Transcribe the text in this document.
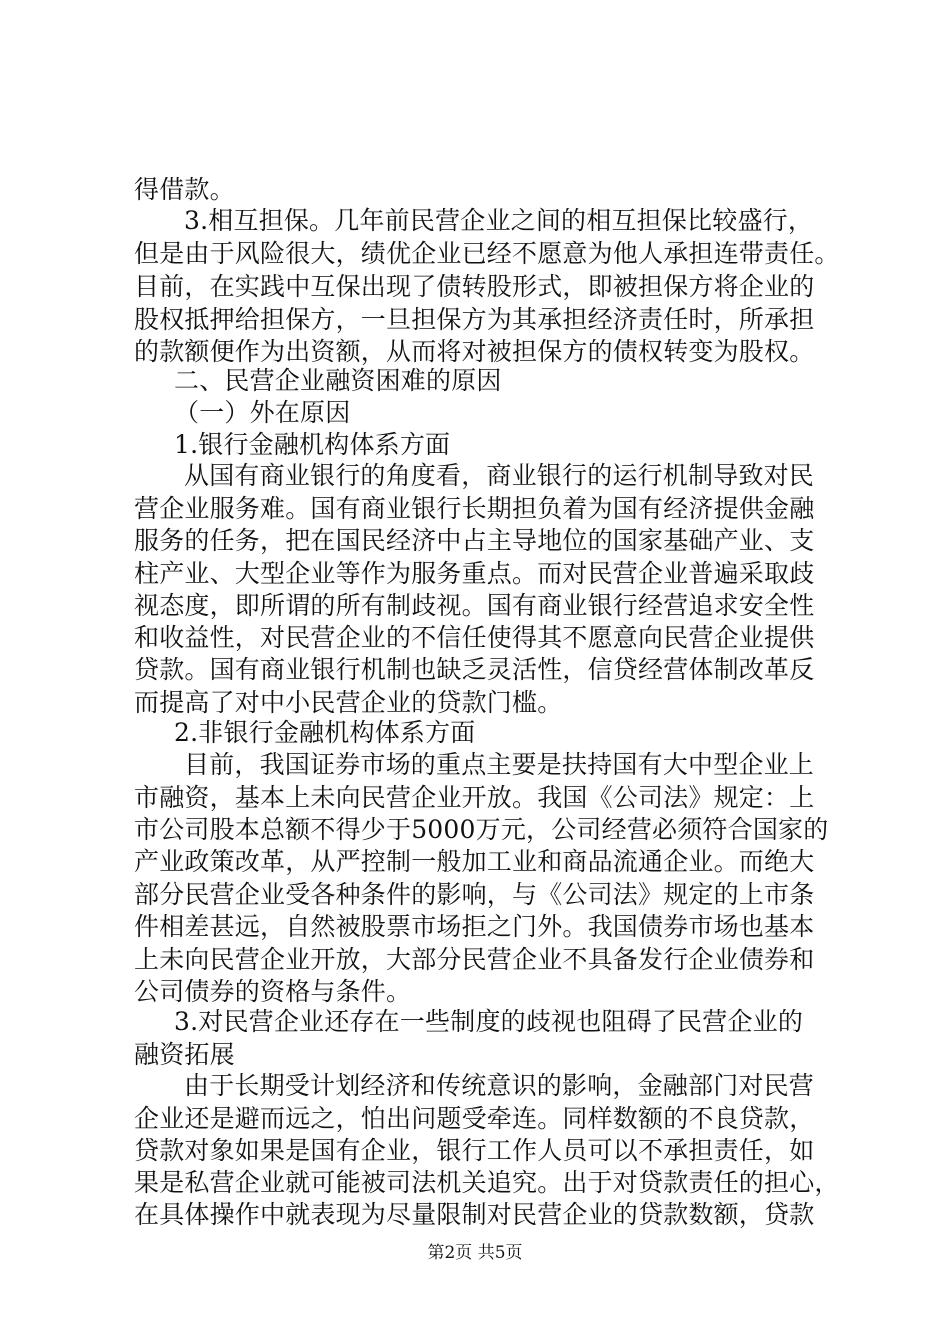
得借款。
3.相互担保。几年前民营企业之间的相互担保比较盛行，
但是由于风险很大，绩优企业已经不愿意为他人承担连带责任。
目前，在实践中互保出现了债转股形式，即被担保方将企业的
股权抵押给担保方，一旦担保方为其承担经济责任时，所承担
的款额便作为出资额，从而将对被担保方的债权转变为股权。
二、民营企业融资困难的原因
（一）外在原因
1.银行金融机构体系方面
从国有商业银行的角度看，商业银行的运行机制导致对民
营企业服务难。国有商业银行长期担负着为国有经济提供金融
服务的任务，把在国民经济中占主导地位的国家基础产业、支
柱产业、大型企业等作为服务重点。而对民营企业普遍采取歧
视态度，即所谓的所有制歧视。国有商业银行经营追求安全性
和收益性，对民营企业的不信任使得其不愿意向民营企业提供
贷款。国有商业银行机制也缺乏灵活性，信贷经营体制改革反
而提高了对中小民营企业的贷款门槛。
2.非银行金融机构体系方面
目前，我国证券市场的重点主要是扶持国有大中型企业上
市融资，基本上未向民营企业开放。我国《公司法》规定：上
市公司股本总额不得少于5000万元，公司经营必须符合国家的
产业政策改革，从严控制一般加工业和商品流通企业。而绝大
部分民营企业受各种条件的影响，与《公司法》规定的上市条
件相差甚远，自然被股票市场拒之门外。我国债券市场也基本
上未向民营企业开放，大部分民营企业不具备发行企业债券和
公司债券的资格与条件。
3.对民营企业还存在一些制度的歧视也阻碍了民营企业的
融资拓展
由于长期受计划经济和传统意识的影响，金融部门对民营
企业还是避而远之，怕出问题受牵连。同样数额的不良贷款，
贷款对象如果是国有企业，银行工作人员可以不承担责任，如
果是私营企业就可能被司法机关追究。出于对贷款责任的担心，
在具体操作中就表现为尽量限制对民营企业的贷款数额，贷款
第2页 共5页
